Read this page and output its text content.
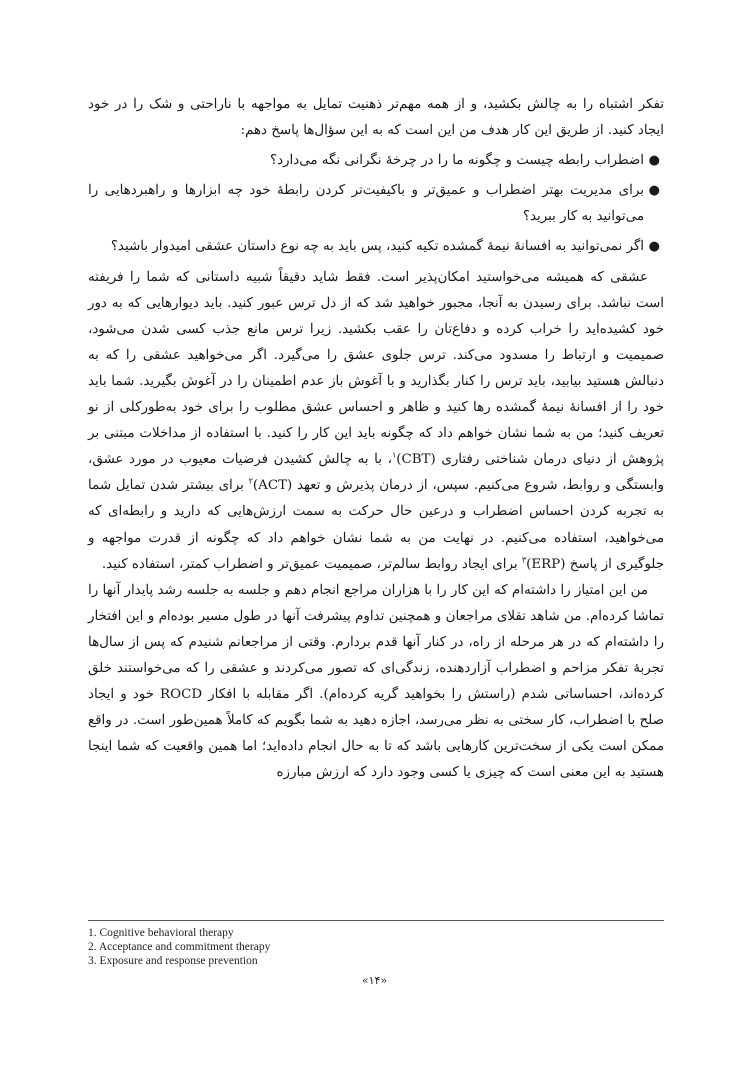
تفکر اشتباه را به چالش بکشید، و از همه مهم‌تر ذهنیت تمایل به مواجهه با ناراحتی و شک را در خود ایجاد کنید. از طریق این کار هدف من این است که به این سؤال‌ها پاسخ دهم:

●
اضطراب رابطه چیست و چگونه ما را در چرخهٔ نگرانی نگه می‌دارد؟
●
برای مدیریت بهتر اضطراب و عمیق‌تر و باکیفیت‌تر کردن رابطهٔ خود چه ابزارها و راهبردهایی را می‌توانید به کار ببرید؟
●
اگر نمی‌توانید به افسانهٔ نیمهٔ گمشده تکیه کنید، پس باید به چه نوع داستان عشقی امیدوار باشید؟

عشقی که همیشه می‌خواستید امکان‌پذیر است. فقط شاید دقیقاً شبیه داستانی که شما را فریفته است نباشد. برای رسیدن به آنجا، مجبور خواهید شد که از دل ترس عبور کنید. باید دیوارهایی که به دور خود کشیده‌اید را خراب کرده و دفاع‌تان را عقب بکشید. زیرا ترس مانع جذب کسی شدن می‌شود، صمیمیت و ارتباط را مسدود می‌کند. ترس جلوی عشق را می‌گیرد. اگر می‌خواهید عشقی را که به دنبالش هستید بیابید، باید ترس را کنار بگذارید و با آغوش باز عدم اطمینان را در آغوش بگیرید. شما باید خود را از افسانهٔ نیمهٔ گمشده رها کنید و ظاهر و احساس عشق مطلوب را برای خود به‌طورکلی از نو تعریف کنید؛ من به شما نشان خواهم داد که چگونه باید این کار را کنید. با استفاده از مداخلات مبتنی بر پژوهش از دنیای درمان شناختی رفتاری (CBT)$^۱$، با به چالش کشیدن فرضیات معیوب در مورد عشق، وابستگی و روابط، شروع می‌کنیم. سپس، از درمان پذیرش و تعهد (ACT)$^۲$ برای بیشتر شدن تمایل شما به تجربه کردن احساس اضطراب و درعین حال حرکت به سمت ارزش‌هایی که دارید و رابطه‌ای که می‌خواهید، استفاده می‌کنیم. در نهایت من به شما نشان خواهم داد که چگونه از قدرت مواجهه و جلوگیری از پاسخ (ERP)$^۳$ برای ایجاد روابط سالم‌تر، صمیمیت عمیق‌تر و اضطراب کمتر، استفاده کنید.

من این امتیاز را داشته‌ام که این کار را با هزاران مراجع انجام دهم و جلسه به جلسه رشد پایدار آنها را تماشا کرده‌ام. من شاهد تقلای مراجعان و همچنین تداوم پیشرفت آنها در طول مسیر بوده‌ام و این افتخار را داشته‌ام که در هر مرحله از راه، در کنار آنها قدم بردارم. وقتی از مراجعانم شنیدم که پس از سال‌ها تجربهٔ تفکر مزاحم و اضطراب آزاردهنده، زندگی‌ای که تصور می‌کردند و عشقی را که می‌خواستند خلق کرده‌اند، احساساتی شدم (راستش را بخواهید گریه کرده‌ام). اگر مقابله با افکار ROCD خود و ایجاد صلح با اضطراب، کار سختی به نظر می‌رسد، اجازه دهید به شما بگویم که کاملاً همین‌طور است. در واقع ممکن است یکی از سخت‌ترین کارهایی باشد که تا به حال انجام داده‌اید؛ اما همین واقعیت که شما اینجا هستید به این معنی است که چیزی یا کسی وجود دارد که ارزش مبارزه

1. Cognitive behavioral therapy
2. Acceptance and commitment therapy
3. Exposure and response prevention
«۱۴»
